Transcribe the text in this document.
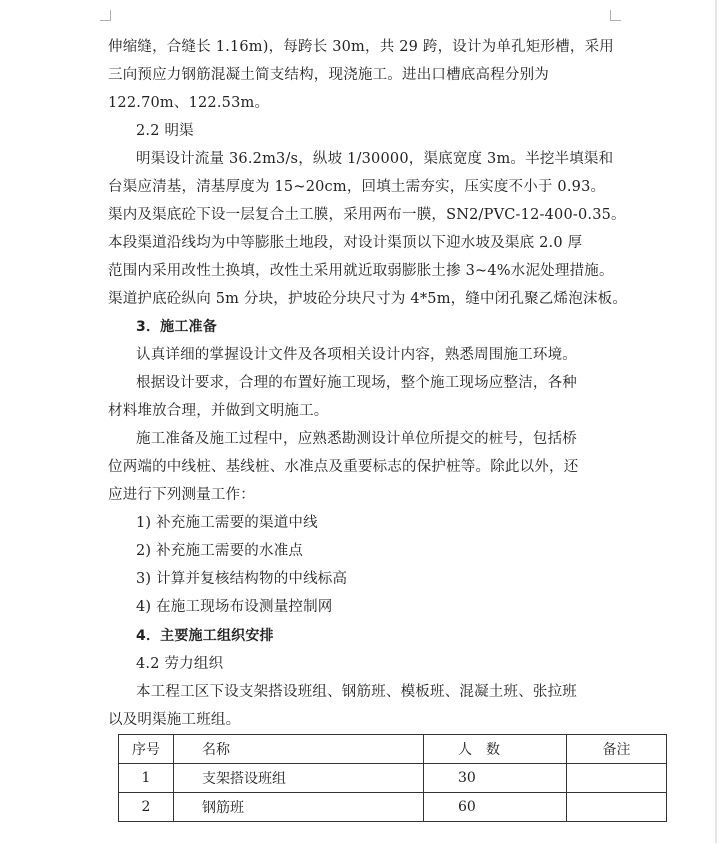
伸缩缝，合缝长 1.16m)，每跨长 30m，共 29 跨，设计为单孔矩形槽，采用
三向预应力钢筋混凝土简支结构，现浇施工。进出口槽底高程分别为
122.70m、122.53m。
2.2 明渠
明渠设计流量 36.2m3/s，纵坡 1/30000，渠底宽度 3m。半挖半填渠和
台渠应清基，清基厚度为 15~20cm，回填土需夯实，压实度不小于 0.93。
渠内及渠底砼下设一层复合土工膜，采用两布一膜，SN2/PVC-12-400-0.35。
本段渠道沿线均为中等膨胀土地段，对设计渠顶以下迎水坡及渠底 2.0 厚
范围内采用改性土换填，改性土采用就近取弱膨胀土掺 3~4%水泥处理措施。
渠道护底砼纵向 5m 分块，护坡砼分块尺寸为 4*5m，缝中闭孔聚乙烯泡沫板。
3．施工准备
认真详细的掌握设计文件及各项相关设计内容，熟悉周围施工环境。
根据设计要求，合理的布置好施工现场，整个施工现场应整洁，各种
材料堆放合理，并做到文明施工。
施工准备及施工过程中，应熟悉勘测设计单位所提交的桩号，包括桥
位两端的中线桩、基线桩、水准点及重要标志的保护桩等。除此以外，还
应进行下列测量工作：
1) 补充施工需要的渠道中线
2) 补充施工需要的水准点
3) 计算并复核结构物的中线标高
4) 在施工现场布设测量控制网
4．主要施工组织安排
4.2 劳力组织
本工程工区下设支架搭设班组、钢筋班、模板班、混凝土班、张拉班
以及明渠施工班组。
序号	名称	人　数	备注
1	支架搭设班组	30	
2	钢筋班	60	
